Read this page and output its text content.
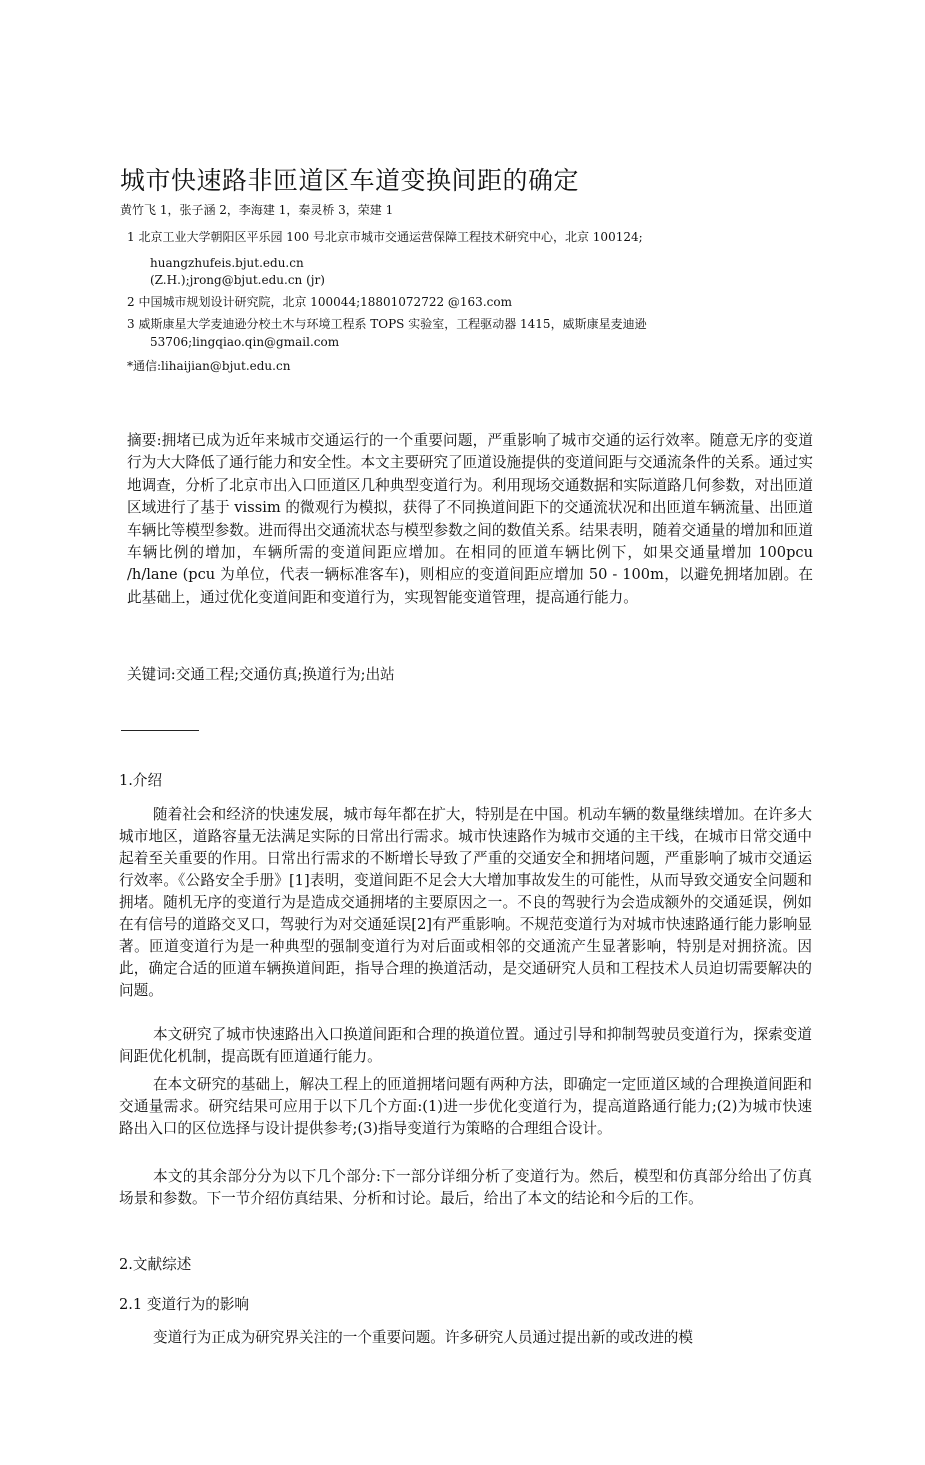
城市快速路非匝道区车道变换间距的确定
黄竹飞 1，张子涵 2，李海建 1，秦灵桥 3，荣建 1
1 北京工业大学朝阳区平乐园 100 号北京市城市交通运营保障工程技术研究中心，北京 100124;
huangzhufeis.bjut.edu.cn
(Z.H.);jrong@bjut.edu.cn (jr)
2 中国城市规划设计研究院，北京 100044;18801072722 @163.com
3 威斯康星大学麦迪逊分校土木与环境工程系 TOPS 实验室，工程驱动器 1415，威斯康星麦迪逊
53706;lingqiao.qin@gmail.com
*通信:lihaijian@bjut.edu.cn

摘要:拥堵已成为近年来城市交通运行的一个重要问题，严重影响了城市交通的运行效率。随意无序的变道行为大大降低了通行能力和安全性。本文主要研究了匝道设施提供的变道间距与交通流条件的关系。通过实地调查，分析了北京市出入口匝道区几种典型变道行为。利用现场交通数据和实际道路几何参数，对出匝道区域进行了基于 vissim 的微观行为模拟，获得了不同换道间距下的交通流状况和出匝道车辆流量、出匝道车辆比等模型参数。进而得出交通流状态与模型参数之间的数值关系。结果表明，随着交通量的增加和匝道车辆比例的增加，车辆所需的变道间距应增加。在相同的匝道车辆比例下，如果交通量增加 100pcu /h/lane (pcu 为单位，代表一辆标准客车)，则相应的变道间距应增加 50 - 100m，以避免拥堵加剧。在此基础上，通过优化变道间距和变道行为，实现智能变道管理，提高通行能力。

关键词:交通工程;交通仿真;换道行为;出站
1.介绍

随着社会和经济的快速发展，城市每年都在扩大，特别是在中国。机动车辆的数量继续增加。在许多大城市地区，道路容量无法满足实际的日常出行需求。城市快速路作为城市交通的主干线，在城市日常交通中起着至关重要的作用。日常出行需求的不断增长导致了严重的交通安全和拥堵问题，严重影响了城市交通运行效率。《公路安全手册》[1]表明，变道间距不足会大大增加事故发生的可能性，从而导致交通安全问题和拥堵。随机无序的变道行为是造成交通拥堵的主要原因之一。不良的驾驶行为会造成额外的交通延误，例如在有信号的道路交叉口，驾驶行为对交通延误[2]有严重影响。不规范变道行为对城市快速路通行能力影响显著。匝道变道行为是一种典型的强制变道行为对后面或相邻的交通流产生显著影响，特别是对拥挤流。因此，确定合适的匝道车辆换道间距，指导合理的换道活动，是交通研究人员和工程技术人员迫切需要解决的问题。

本文研究了城市快速路出入口换道间距和合理的换道位置。通过引导和抑制驾驶员变道行为，探索变道间距优化机制，提高既有匝道通行能力。

在本文研究的基础上，解决工程上的匝道拥堵问题有两种方法，即确定一定匝道区域的合理换道间距和交通量需求。研究结果可应用于以下几个方面:(1)进一步优化变道行为，提高道路通行能力;(2)为城市快速路出入口的区位选择与设计提供参考;(3)指导变道行为策略的合理组合设计。

本文的其余部分分为以下几个部分:下一部分详细分析了变道行为。然后，模型和仿真部分给出了仿真场景和参数。下一节介绍仿真结果、分析和讨论。最后，给出了本文的结论和今后的工作。

2.文献综述
2.1 变道行为的影响

变道行为正成为研究界关注的一个重要问题。许多研究人员通过提出新的或改进的模
